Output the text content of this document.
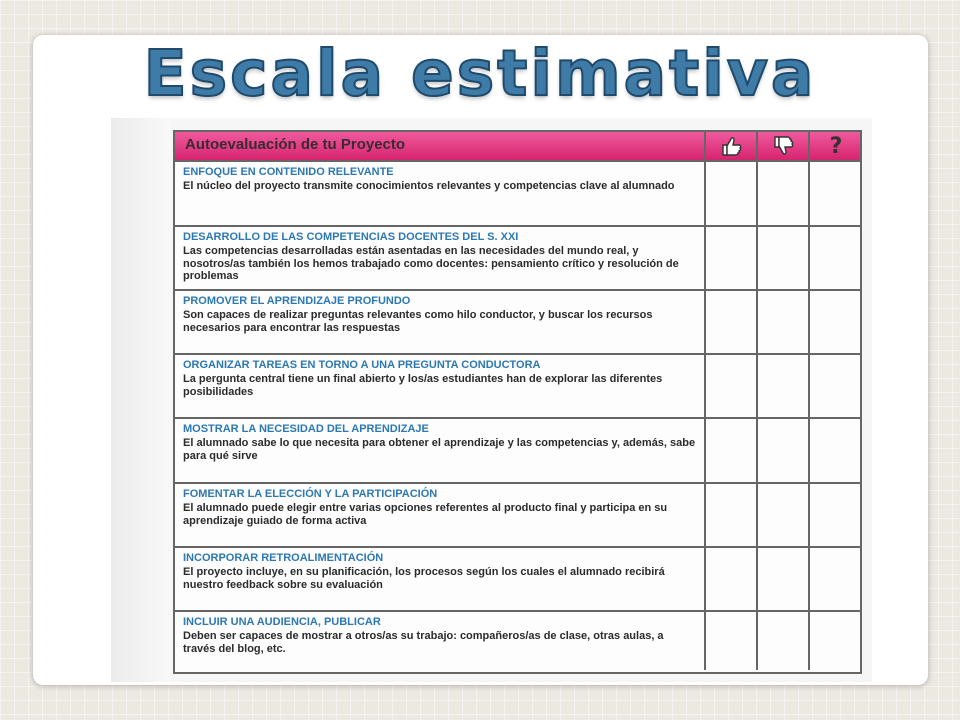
Escala estimativa
Autoevaluación de tu Proyecto	?
ENFOQUE EN CONTENIDO RELEVANTE
El núcleo del proyecto transmite conocimientos relevantes y competencias clave al alumnado
DESARROLLO DE LAS COMPETENCIAS DOCENTES DEL S. XXI
Las competencias desarrolladas están asentadas en las necesidades del mundo real, y nosotros/as también los hemos trabajado como docentes: pensamiento crítico y resolución de problemas
PROMOVER EL APRENDIZAJE PROFUNDO
Son capaces de realizar preguntas relevantes como hilo conductor, y buscar los recursos necesarios para encontrar las respuestas
ORGANIZAR TAREAS EN TORNO A UNA PREGUNTA CONDUCTORA
La pergunta central tiene un final abierto y los/as estudiantes han de explorar las diferentes posibilidades
MOSTRAR LA NECESIDAD DEL APRENDIZAJE
El alumnado sabe lo que necesita para obtener el aprendizaje y las competencias y, además, sabe para qué sirve
FOMENTAR LA ELECCIÓN Y LA PARTICIPACIÓN
El alumnado puede elegir entre varias opciones referentes al producto final y participa en su aprendizaje guiado de forma activa
INCORPORAR RETROALIMENTACIÓN
El proyecto incluye, en su planificación, los procesos según los cuales el alumnado recibirá nuestro feedback sobre su evaluación
INCLUIR UNA AUDIENCIA, PUBLICAR
Deben ser capaces de mostrar a otros/as su trabajo: compañeros/as de clase, otras aulas, a través del blog, etc.
